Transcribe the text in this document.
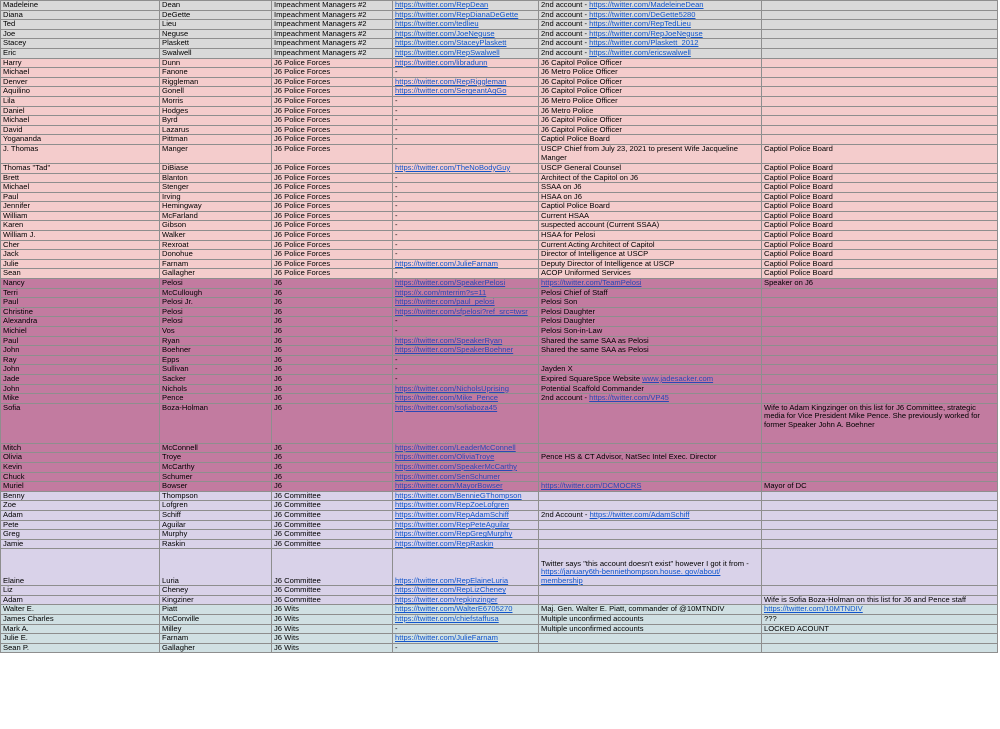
Madeleine	Dean	Impeachment Managers #2	https://twitter.com/RepDean	2nd account - https://twitter.com/MadeleineDean	
Diana	DeGette	Impeachment Managers #2	https://twitter.com/RepDianaDeGette	2nd account - https://twitter.com/DeGette5280	
Ted	Lieu	Impeachment Managers #2	https://twitter.com/tedlieu	2nd account - https://twitter.com/RepTedLieu	
Joe	Neguse	Impeachment Managers #2	https://twitter.com/JoeNeguse	2nd account - https://twitter.com/RepJoeNeguse	
Stacey	Plaskett	Impeachment Managers #2	https://twitter.com/StaceyPlaskett	2nd account - https://twitter.com/Plaskett_2012	
Eric	Swalwell	Impeachment Managers #2	https://twitter.com/RepSwalwell	2nd account - https://twitter.com/ericswalwell	
Harry	Dunn	J6 Police Forces	https://twitter.com/libradunn	J6 Capitol Police Officer	
Michael	Fanone	J6 Police Forces	-	J6 Metro Police Officer	
Denver	Riggleman	J6 Police Forces	https://twitter.com/RepRiggleman	J6 Capitol Police Officer	
Aquilino	Gonell	J6 Police Forces	https://twitter.com/SergeantAqGo	J6 Capitol Police Officer	
Lila	Morris	J6 Police Forces	-	J6 Metro Police Officer	
Daniel	Hodges	J6 Police Forces	-	J6 Metro Police	
Michael	Byrd	J6 Police Forces	-	J6 Capitol Police Officer	
David	Lazarus	J6 Police Forces	-	J6 Capitol Police Officer	
Yogananda	Pittman	J6 Police Forces	-	Captiol Police Board	
J. Thomas	Manger	J6 Police Forces	-	USCP Chief from July 23, 2021 to present Wife Jacqueline Manger	Captiol Police Board
Thomas "Tad"	DiBiase	J6 Police Forces	https://twitter.com/TheNoBodyGuy	USCP General Counsel	Captiol Police Board
Brett	Blanton	J6 Police Forces	-	Architect of the Capitol on J6	Captiol Police Board
Michael	Stenger	J6 Police Forces	-	SSAA on J6	Captiol Police Board
Paul	Irving	J6 Police Forces	-	HSAA on J6	Captiol Police Board
Jennifer	Hemingway	J6 Police Forces	-	Captiol Police Board	Captiol Police Board
William	McFarland	J6 Police Forces	-	Current HSAA	Captiol Police Board
Karen	Gibson	J6 Police Forces	-	suspected account (Current SSAA)	Captiol Police Board
William J.	Walker	J6 Police Forces	-	HSAA for Pelosi	Captiol Police Board
Cher	Rexroat	J6 Police Forces	-	Current Acting Architect of Capitol	Captiol Police Board
Jack	Donohue	J6 Police Forces	-	Director of Intelligence at USCP	Captiol Police Board
Julie	Farnam	J6 Police Forces	https://twitter.com/JulieFarnam	Deputy Director of Intelligence at USCP	Captiol Police Board
Sean	Gallagher	J6 Police Forces	-	ACOP Uniformed Services	Captiol Police Board
Nancy	Pelosi	J6	https://twitter.com/SpeakerPelosi	https://twitter.com/TeamPelosi	Speaker on J6
Terri	McCullough	J6	https://x.com/mterrim?s=11	Pelosi Chief of Staff	
Paul	Pelosi Jr.	J6	https://twitter.com/paul_pelosi	Pelosi Son	
Christine	Pelosi	J6	https://twitter.com/sfpelosi?ref_src=twsr	Pelosi Daughter	
Alexandra	Pelosi	J6	-	Pelosi Daughter	
Michiel	Vos	J6	-	Pelosi Son-in-Law	
Paul	Ryan	J6	https://twitter.com/SpeakerRyan	Shared the same SAA as Pelosi	
John	Boehner	J6	https://twitter.com/SpeakerBoehner	Shared the same SAA as Pelosi	
Ray	Epps	J6	-		
John	Sullivan	J6	-	Jayden X	
Jade	Sacker	J6	-	Expired SquareSpce Website www.jadesacker.com	
John	Nichols	J6	https://twitter.com/NicholsUprising	Potential Scaffold Commander	
Mike	Pence	J6	https://twitter.com/Mike_Pence	2nd account - https://twitter.com/VP45	
Sofia	Boza-Holman	J6	https://twitter.com/sofiaboza45		Wife to Adam Kingzinger on this list for J6 Committee, strategic media for Vice President Mike Pence. She previously worked for former Speaker John A. Boehner
Mitch	McConnell	J6	https://twitter.com/LeaderMcConnell		
Olivia	Troye	J6	https://twitter.com/OliviaTroye	Pence HS & CT Advisor, NatSec Intel Exec. Director	
Kevin	McCarthy	J6	https://twitter.com/SpeakerMcCarthy		
Chuck	Schumer	J6	https://twitter.com/SenSchumer		
Muriel	Bowser	J6	https://twitter.com/MayorBowser	https://twitter.com/DCMOCRS	Mayor of DC
Benny	Thompson	J6 Committee	https://twitter.com/BennieGThompson		
Zoe	Lofgren	J6 Committee	https://twitter.com/RepZoeLofgren		
Adam	Schiff	J6 Committee	https://twitter.com/RepAdamSchiff	2nd Account - https://twitter.com/AdamSchiff	
Pete	Aguilar	J6 Committee	https://twitter.com/RepPeteAguilar		
Greg	Murphy	J6 Committee	https://twitter.com/RepGregMurphy		
Jamie	Raskin	J6 Committee	https://twitter.com/RepRaskin		
Elaine	Luria	J6 Committee	https://twitter.com/RepElaineLuria	Twitter says "this account doesn't exist" however I got it from - https://january6th-benniethompson.house. gov/about/ membership	
Liz	Cheney	J6 Committee	https://twitter.com/RepLizCheney		
Adam	Kingziner	J6 Committee	https://twitter.com/repkinzinger		Wife is Sofia Boza-Holman on this list for J6 and Pence staff
Walter E.	Piatt	J6 Wits	https://twitter.com/WalterE6705270	Maj. Gen. Walter E. Piatt, commander of @10MTNDIV	https://twitter.com/10MTNDIV
James Charles	McConville	J6 Wits	https://twitter.com/chiefstaffusa	Multiple unconfirmed accounts	???
Mark A.	Milley	J6 Wits	-	Multiple unconfirmed accounts	LOCKED ACOUNT
Julie E.	Farnam	J6 Wits	https://twitter.com/JulieFarnam		
Sean P.	Gallagher	J6 Wits	-		
